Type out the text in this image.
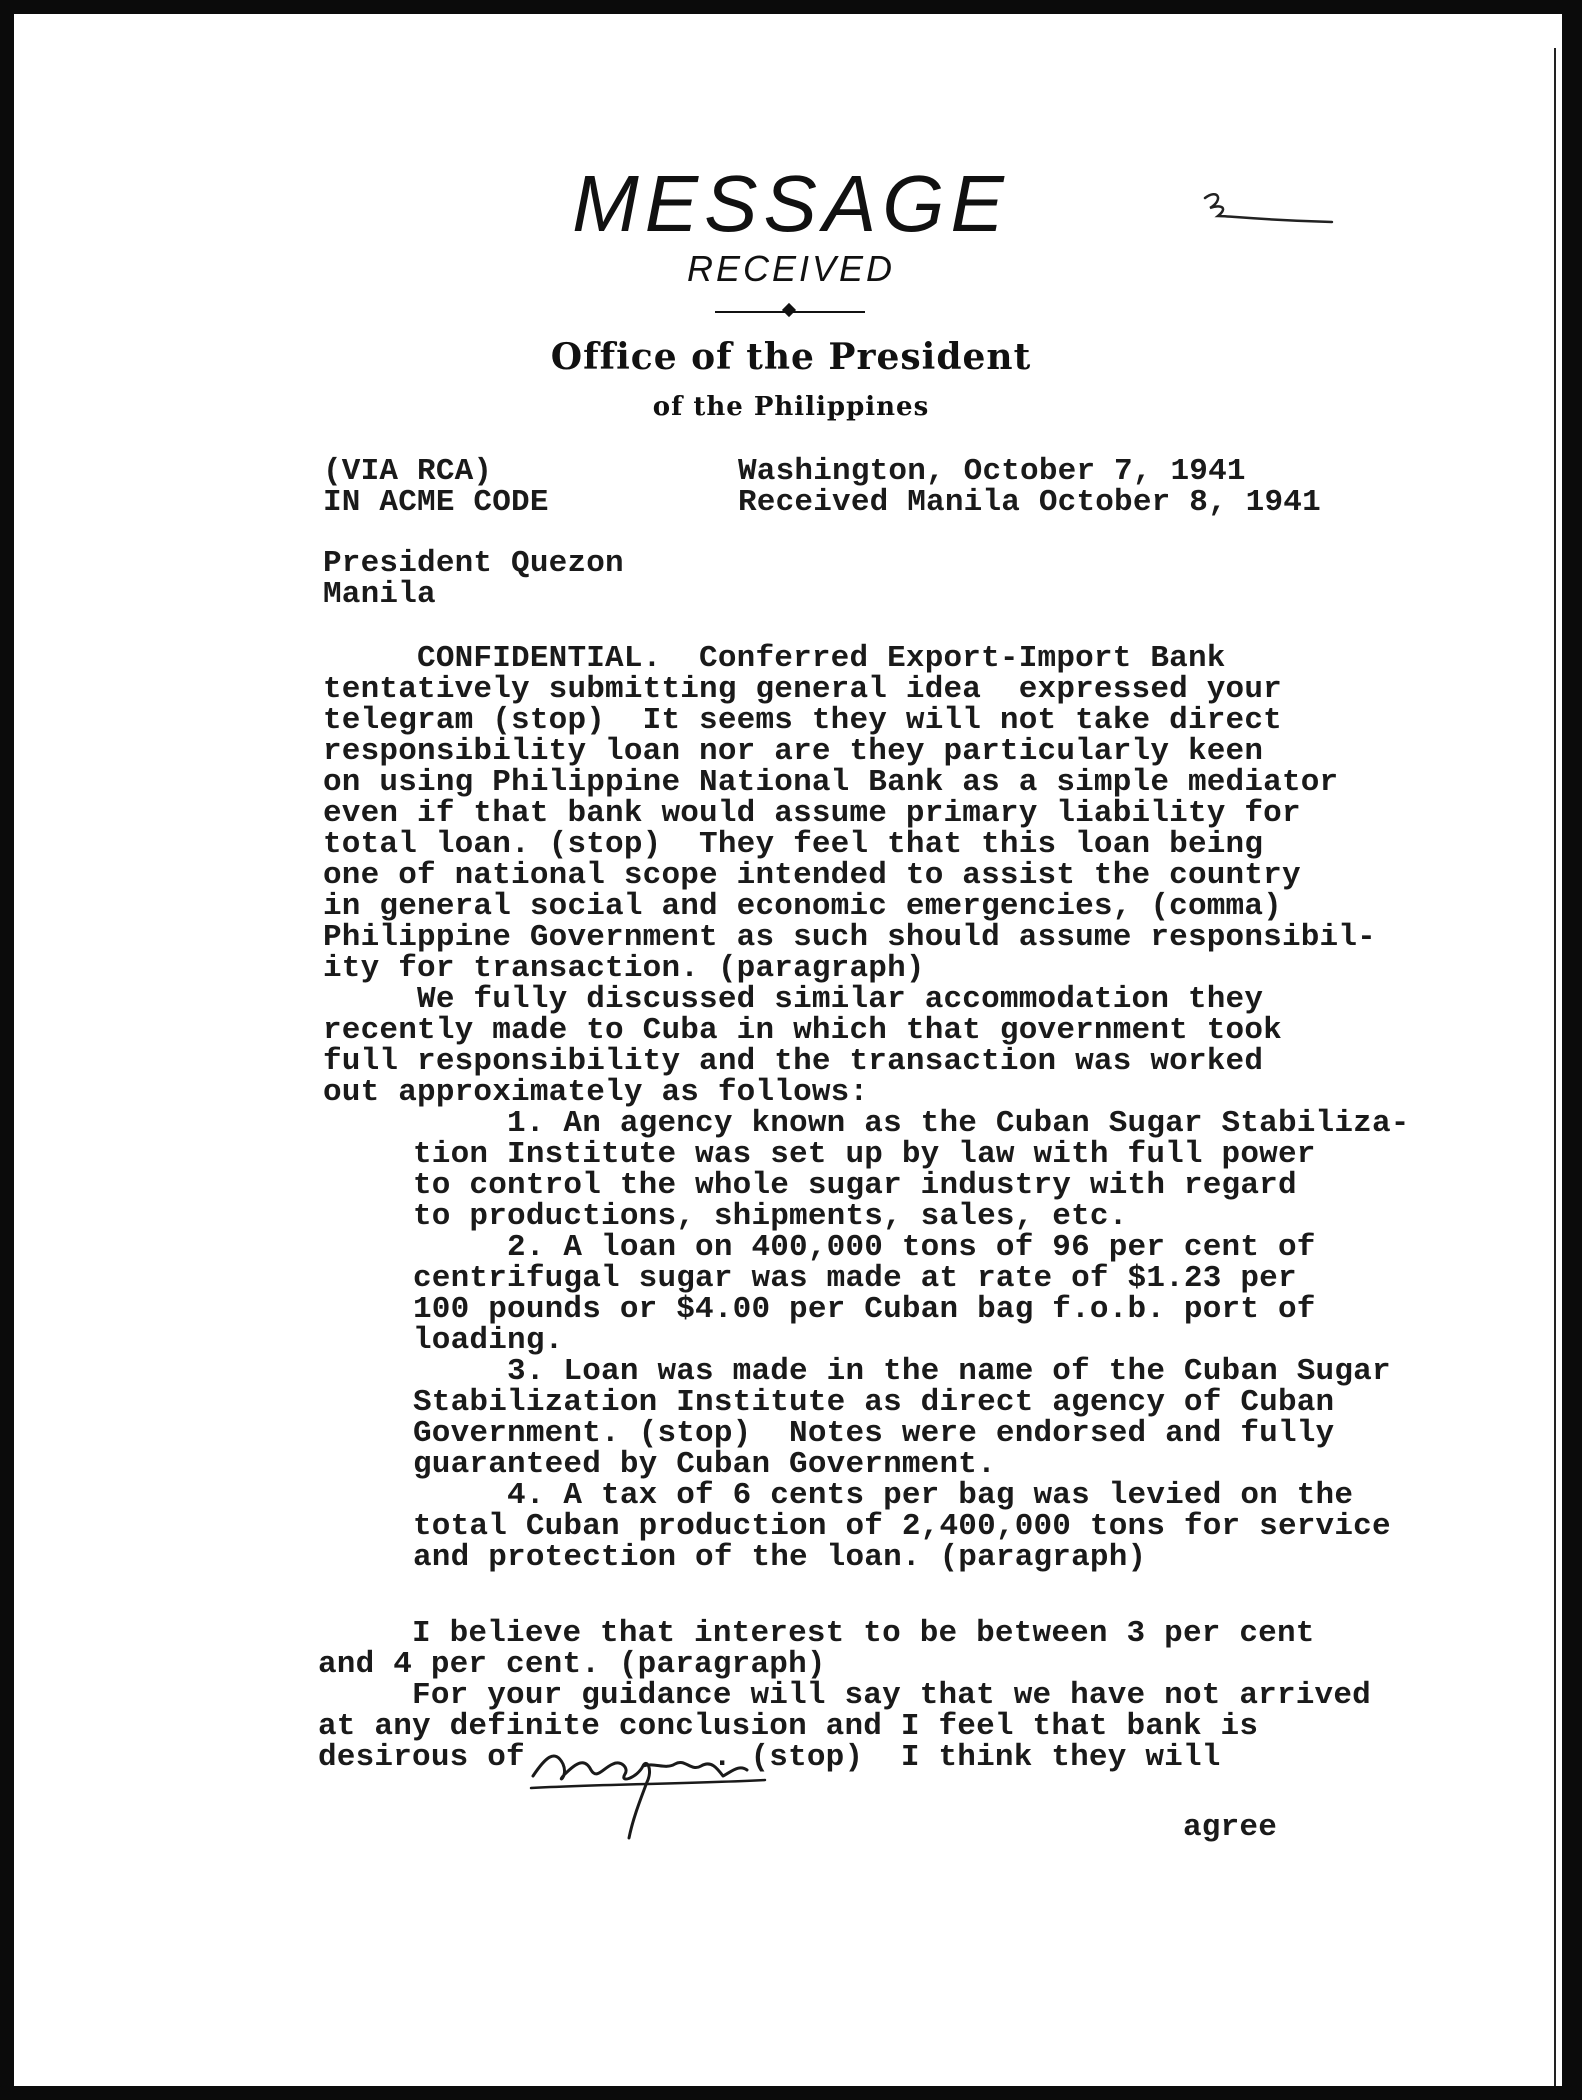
MESSAGE
RECEIVED
Office of the President
of the Philippines
(VIA RCA)
IN ACME CODE
Washington, October 7, 1941
Received Manila October 8, 1941
President Quezon
Manila
CONFIDENTIAL.  Conferred Export-Import Bank
tentatively submitting general idea  expressed your
telegram (stop)  It seems they will not take direct
responsibility loan nor are they particularly keen
on using Philippine National Bank as a simple mediator
even if that bank would assume primary liability for
total loan. (stop)  They feel that this loan being
one of national scope intended to assist the country
in general social and economic emergencies, (comma)
Philippine Government as such should assume responsibil-
ity for transaction. (paragraph)
We fully discussed similar accommodation they
recently made to Cuba in which that government took
full responsibility and the transaction was worked
out approximately as follows:
1. An agency known as the Cuban Sugar Stabiliza-
tion Institute was set up by law with full power
to control the whole sugar industry with regard
to productions, shipments, sales, etc.
2. A loan on 400,000 tons of 96 per cent of
centrifugal sugar was made at rate of $1.23 per
100 pounds or $4.00 per Cuban bag f.o.b. port of
loading.
3. Loan was made in the name of the Cuban Sugar
Stabilization Institute as direct agency of Cuban
Government. (stop)  Notes were endorsed and fully
guaranteed by Cuban Government.
4. A tax of 6 cents per bag was levied on the
total Cuban production of 2,400,000 tons for service
and protection of the loan. (paragraph)
I believe that interest to be between 3 per cent
and 4 per cent. (paragraph)
For your guidance will say that we have not arrived
at any definite conclusion and I feel that bank is
desirous of          . (stop)  I think they will
agree
